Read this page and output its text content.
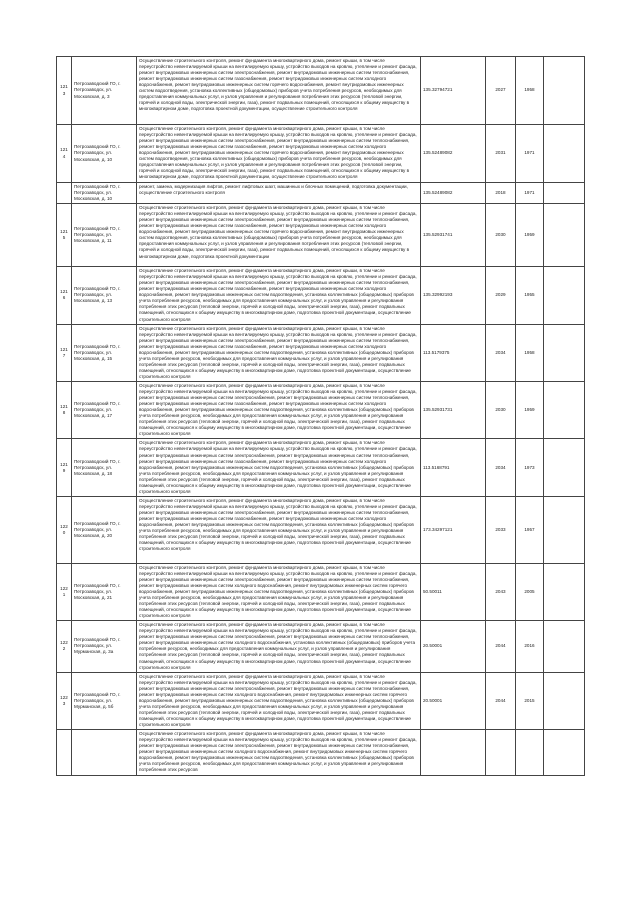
1213	Петрозаводский ГО, г. Петрозаводск, ул. Московская, д. 3	Осуществление строительного контроля, ремонт фундамента многоквартирного дома, ремонт крыши, в том числе переустройство невентилируемой крыши на вентилируемую крышу, устройство выходов на кровлю, утепление и ремонт фасада, ремонт внутридомовых инженерных систем электроснабжения, ремонт внутридомовых инженерных систем теплоснабжения, ремонт внутридомовых инженерных систем газоснабжения, ремонт внутридомовых инженерных систем холодного водоснабжения, ремонт внутридомовых инженерных систем горячего водоснабжения, ремонт внутридомовых инженерных систем водоотведения, установка коллективных (общедомовых) приборов учета потребления ресурсов, необходимых для предоставления коммунальных услуг, и узлов управления и регулирования потребления этих ресурсов (тепловой энергии, горячей и холодной воды, электрической энергии, газа), ремонт подвальных помещений, относящихся к общему имуществу в многоквартирном доме, подготовка проектной документации, осуществление строительного контроля	135.32794721	2027	1958	
1214	Петрозаводский ГО, г. Петрозаводск, ул. Московская, д. 10	Осуществление строительного контроля, ремонт фундамента многоквартирного дома, ремонт крыши, в том числе переустройство невентилируемой крыши на вентилируемую крышу, устройство выходов на кровлю, утепление и ремонт фасада, ремонт внутридомовых инженерных систем электроснабжения, ремонт внутридомовых инженерных систем теплоснабжения, ремонт внутридомовых инженерных систем газоснабжения, ремонт внутридомовых инженерных систем холодного водоснабжения, ремонт внутридомовых инженерных систем горячего водоснабжения, ремонт внутридомовых инженерных систем водоотведения, установка коллективных (общедомовых) приборов учета потребления ресурсов, необходимых для предоставления коммунальных услуг, и узлов управления и регулирования потребления этих ресурсов (тепловой энергии, горячей и холодной воды, электрической энергии, газа), ремонт подвальных помещений, относящихся к общему имуществу в многоквартирном доме, подготовка проектной документации, осуществление строительного контроля	135.52489082	2031	1971	
	Петрозаводский ГО, г. Петрозаводск, ул. Московская, д. 10	ремонт, замена, модернизация лифтов, ремонт лифтовых шахт, машинных и блочных помещений, подготовка документации, осуществление строительного контроля	135.52489082	2018	1971	
1215	Петрозаводский ГО, г. Петрозаводск, ул. Московская, д. 11	Осуществление строительного контроля, ремонт фундамента многоквартирного дома, ремонт крыши, в том числе переустройство невентилируемой крыши на вентилируемую крышу, устройство выходов на кровлю, утепление и ремонт фасада, ремонт внутридомовых инженерных систем электроснабжения, ремонт внутридомовых инженерных систем теплоснабжения, ремонт внутридомовых инженерных систем газоснабжения, ремонт внутридомовых инженерных систем холодного водоснабжения, ремонт внутридомовых инженерных систем горячего водоснабжения, ремонт внутридомовых инженерных систем водоотведения, установка коллективных (общедомовых) приборов учета потребления ресурсов, необходимых для предоставления коммунальных услуг, и узлов управления и регулирования потребления этих ресурсов (тепловой энергии, горячей и холодной воды, электрической энергии, газа), ремонт подвальных помещений, относящихся к общему имуществу в многоквартирном доме, подготовка проектной документации	135.52931741	2030	1959	
1216	Петрозаводский ГО, г. Петрозаводск, ул. Московская, д. 13	Осуществление строительного контроля, ремонт фундамента многоквартирного дома, ремонт крыши, в том числе переустройство невентилируемой крыши на вентилируемую крышу, устройство выходов на кровлю, утепление и ремонт фасада, ремонт внутридомовых инженерных систем электроснабжения, ремонт внутридомовых инженерных систем теплоснабжения, ремонт внутридомовых инженерных систем газоснабжения, ремонт внутридомовых инженерных систем холодного водоснабжения, ремонт внутридомовых инженерных систем водоотведения, установка коллективных (общедомовых) приборов учета потребления ресурсов, необходимых для предоставления коммунальных услуг, и узлов управления и регулирования потребления этих ресурсов (тепловой энергии, горячей и холодной воды, электрической энергии, газа), ремонт подвальных помещений, относящихся к общему имуществу в многоквартирном доме, подготовка проектной документации, осуществление строительного контроля	135.32992193	2029	1955	
1217	Петрозаводский ГО, г. Петрозаводск, ул. Московская, д. 15	Осуществление строительного контроля, ремонт фундамента многоквартирного дома, ремонт крыши, в том числе переустройство невентилируемой крыши на вентилируемую крышу, устройство выходов на кровлю, утепление и ремонт фасада, ремонт внутридомовых инженерных систем электроснабжения, ремонт внутридомовых инженерных систем теплоснабжения, ремонт внутридомовых инженерных систем газоснабжения, ремонт внутридомовых инженерных систем холодного водоснабжения, ремонт внутридомовых инженерных систем водоотведения, установка коллективных (общедомовых) приборов учета потребления ресурсов, необходимых для предоставления коммунальных услуг, и узлов управления и регулирования потребления этих ресурсов (тепловой энергии, горячей и холодной воды, электрической энергии, газа), ремонт подвальных помещений, относящихся к общему имуществу в многоквартирном доме, подготовка проектной документации, осуществление строительного контроля	113.5179375	2034	1958	
1218	Петрозаводский ГО, г. Петрозаводск, ул. Московская, д. 17	Осуществление строительного контроля, ремонт фундамента многоквартирного дома, ремонт крыши, в том числе переустройство невентилируемой крыши на вентилируемую крышу, устройство выходов на кровлю, утепление и ремонт фасада, ремонт внутридомовых инженерных систем электроснабжения, ремонт внутридомовых инженерных систем теплоснабжения, ремонт внутридомовых инженерных систем газоснабжения, ремонт внутридомовых инженерных систем холодного водоснабжения, ремонт внутридомовых инженерных систем водоотведения, установка коллективных (общедомовых) приборов учета потребления ресурсов, необходимых для предоставления коммунальных услуг, и узлов управления и регулирования потребления этих ресурсов (тепловой энергии, горячей и холодной воды, электрической энергии, газа), ремонт подвальных помещений, относящихся к общему имуществу в многоквартирном доме, подготовка проектной документации, осуществление строительного контроля	135.52931731	2030	1959	
1219	Петрозаводский ГО, г. Петрозаводск, ул. Московская, д. 18	Осуществление строительного контроля, ремонт фундамента многоквартирного дома, ремонт крыши, в том числе переустройство невентилируемой крыши на вентилируемую крышу, устройство выходов на кровлю, утепление и ремонт фасада, ремонт внутридомовых инженерных систем электроснабжения, ремонт внутридомовых инженерных систем теплоснабжения, ремонт внутридомовых инженерных систем газоснабжения, ремонт внутридомовых инженерных систем холодного водоснабжения, ремонт внутридомовых инженерных систем водоотведения, установка коллективных (общедомовых) приборов учета потребления ресурсов, необходимых для предоставления коммунальных услуг, и узлов управления и регулирования потребления этих ресурсов (тепловой энергии, горячей и холодной воды, электрической энергии, газа), ремонт подвальных помещений, относящихся к общему имуществу в многоквартирном доме, подготовка проектной документации, осуществление строительного контроля	113.5168791	2034	1973	
1220	Петрозаводский ГО, г. Петрозаводск, ул. Московская, д. 20	Осуществление строительного контроля, ремонт фундамента многоквартирного дома, ремонт крыши, в том числе переустройство невентилируемой крыши на вентилируемую крышу, устройство выходов на кровлю, утепление и ремонт фасада, ремонт внутридомовых инженерных систем электроснабжения, ремонт внутридомовых инженерных систем теплоснабжения, ремонт внутридомовых инженерных систем газоснабжения, ремонт внутридомовых инженерных систем холодного водоснабжения, ремонт внутридомовых инженерных систем водоотведения, установка коллективных (общедомовых) приборов учета потребления ресурсов, необходимых для предоставления коммунальных услуг, и узлов управления и регулирования потребления этих ресурсов (тепловой энергии, горячей и холодной воды, электрической энергии, газа), ремонт подвальных помещений, относящихся к общему имуществу в многоквартирном доме, подготовка проектной документации, осуществление строительного контроля	173.34297121	2033	1957	
1221	Петрозаводский ГО, г. Петрозаводск, ул. Московская, д. 21	Осуществление строительного контроля, ремонт фундамента многоквартирного дома, ремонт крыши, в том числе переустройство невентилируемой крыши на вентилируемую крышу, устройство выходов на кровлю, утепление и ремонт фасада, ремонт внутридомовых инженерных систем электроснабжения, ремонт внутридомовых инженерных систем теплоснабжения, ремонт внутридомовых инженерных систем холодного водоснабжения, ремонт внутридомовых инженерных систем горячего водоснабжения, ремонт внутридомовых инженерных систем водоотведения, установка коллективных (общедомовых) приборов учета потребления ресурсов, необходимых для предоставления коммунальных услуг, и узлов управления и регулирования потребления этих ресурсов (тепловой энергии, горячей и холодной воды, электрической энергии, газа), ремонт подвальных помещений, относящихся к общему имуществу в многоквартирном доме, подготовка проектной документации, осуществление строительного контроля	50.50011	2043	2005	
1222	Петрозаводский ГО, г. Петрозаводск, ул. Мурманская, д. 3а	Осуществление строительного контроля, ремонт фундамента многоквартирного дома, ремонт крыши, в том числе переустройство невентилируемой крыши на вентилируемую крышу, устройство выходов на кровлю, утепление и ремонт фасада, ремонт внутридомовых инженерных систем электроснабжения, ремонт внутридомовых инженерных систем теплоснабжения, ремонт внутридомовых инженерных систем холодного водоснабжения, установка коллективных (общедомовых) приборов учета потребления ресурсов, необходимых для предоставления коммунальных услуг, и узлов управления и регулирования потребления этих ресурсов (тепловой энергии, горячей и холодной воды, электрической энергии, газа), ремонт подвальных помещений, относящихся к общему имуществу в многоквартирном доме, подготовка проектной документации, осуществление строительного контроля	20.50001	2044	2016	
1223	Петрозаводский ГО, г. Петрозаводск, ул. Мурманская, д. 5б	Осуществление строительного контроля, ремонт фундамента многоквартирного дома, ремонт крыши, в том числе переустройство невентилируемой крыши на вентилируемую крышу, устройство выходов на кровлю, утепление и ремонт фасада, ремонт внутридомовых инженерных систем электроснабжения, ремонт внутридомовых инженерных систем теплоснабжения, ремонт внутридомовых инженерных систем холодного водоснабжения, ремонт внутридомовых инженерных систем горячего водоснабжения, ремонт внутридомовых инженерных систем водоотведения, установка коллективных (общедомовых) приборов учета потребления ресурсов, необходимых для предоставления коммунальных услуг, и узлов управления и регулирования потребления этих ресурсов (тепловой энергии, горячей и холодной воды, электрической энергии, газа), ремонт подвальных помещений, относящихся к общему имуществу в многоквартирном доме, подготовка проектной документации, осуществление строительного контроля	20.50001	2044	2015	
		Осуществление строительного контроля, ремонт фундамента многоквартирного дома, ремонт крыши, в том числе переустройство невентилируемой крыши на вентилируемую крышу, устройство выходов на кровлю, утепление и ремонт фасада, ремонт внутридомовых инженерных систем электроснабжения, ремонт внутридомовых инженерных систем теплоснабжения, ремонт внутридомовых инженерных систем холодного водоснабжения, ремонт внутридомовых инженерных систем горячего водоснабжения, ремонт внутридомовых инженерных систем водоотведения, установка коллективных (общедомовых) приборов учета потребления ресурсов, необходимых для предоставления коммунальных услуг, и узлов управления и регулирования потребления этих ресурсов				
